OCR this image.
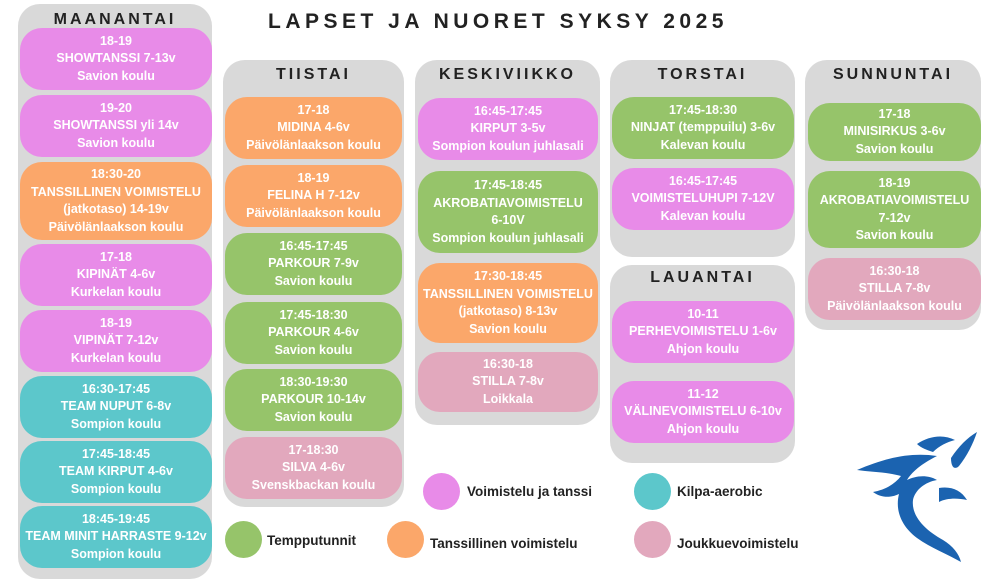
LAPSET JA NUORET SYKSY 2025
MAANANTAI
TIISTAI	KESKIVIIKKO	TORSTAI
LAUANTAI
SUNNUNTAI
18-19
SHOWTANSSI 7-13v
Savion koulu
19-20
SHOWTANSSI yli 14v
Savion koulu
18:30-20
TANSSILLINEN VOIMISTELU
(jatkotaso) 14-19v
Päivölänlaakson koulu
17-18
KIPINÄT 4-6v
Kurkelan koulu
18-19
VIPINÄT 7-12v
Kurkelan koulu
16:30-17:45
TEAM NUPUT 6-8v
Sompion koulu
17:45-18:45
TEAM KIRPUT 4-6v
Sompion koulu
18:45-19:45
TEAM MINIT HARRASTE 9-12v
Sompion koulu
17-18
MIDINA 4-6v
Päivölänlaakson koulu
18-19
FELINA H 7-12v
Päivölänlaakson koulu
16:45-17:45
PARKOUR 7-9v
Savion koulu
17:45-18:30
PARKOUR 4-6v
Savion koulu
18:30-19:30
PARKOUR 10-14v
Savion koulu
17-18:30
SILVA 4-6v
Svenskbackan koulu
16:45-17:45
KIRPUT 3-5v
Sompion koulun juhlasali
17:45-18:45
AKROBATIAVOIMISTELU
6-10V
Sompion koulun juhlasali
17:30-18:45
TANSSILLINEN VOIMISTELU
(jatkotaso) 8-13v
Savion koulu
16:30-18
STILLA 7-8v
Loikkala
17:45-18:30
NINJAT (temppuilu) 3-6v
Kalevan koulu
16:45-17:45
VOIMISTELUHUPI 7-12V
Kalevan koulu
10-11
PERHEVOIMISTELU 1-6v
Ahjon koulu
11-12
VÄLINEVOIMISTELU 6-10v
Ahjon koulu
17-18
MINISIRKUS 3-6v
Savion koulu
18-19
AKROBATIAVOIMISTELU
7-12v
Savion koulu
16:30-18
STILLA 7-8v
Päivölänlaakson koulu
Voimistelu ja tanssi	Kilpa-aerobic
Tempputunnit	Tanssillinen voimistelu	Joukkuevoimistelu
